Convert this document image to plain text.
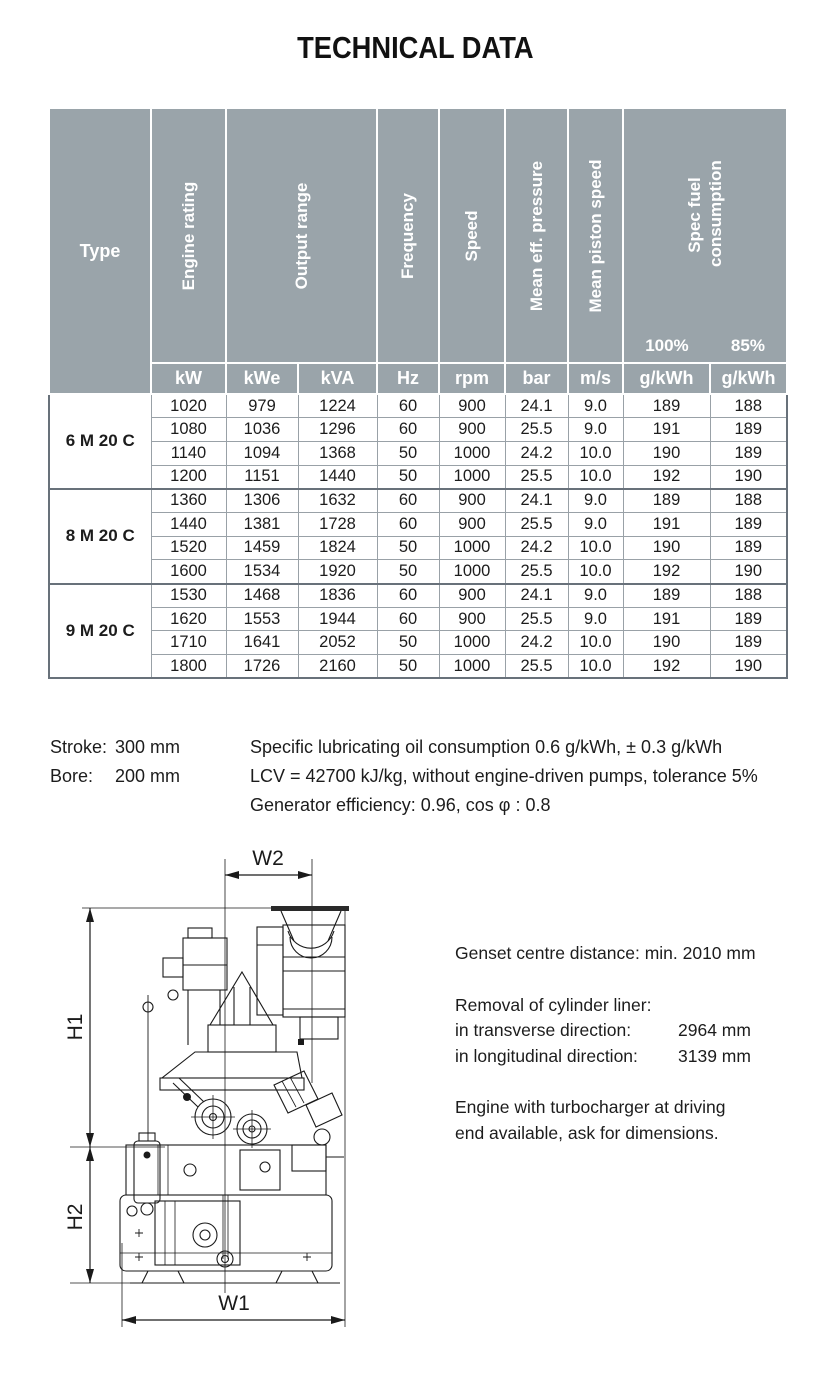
TECHNICAL DATA
Type	Engine rating	Output range		Frequency	Speed	Mean eff. pressure	Mean piston speed	Spec fuel consumption
100% 85%	

	kW	kWe	kVA	Hz	rpm	bar	m/s	g/kWh	g/kWh
6 M 20 C	1020	979	1224	60	900	24.1	9.0	189	188
	1080	1036	1296	60	900	25.5	9.0	191	189
	1140	1094	1368	50	1000	24.2	10.0	190	189
	1200	1151	1440	50	1000	25.5	10.0	192	190
8 M 20 C	1360	1306	1632	60	900	24.1	9.0	189	188
	1440	1381	1728	60	900	25.5	9.0	191	189
	1520	1459	1824	50	1000	24.2	10.0	190	189
	1600	1534	1920	50	1000	25.5	10.0	192	190
9 M 20 C	1530	1468	1836	60	900	24.1	9.0	189	188
	1620	1553	1944	60	900	25.5	9.0	191	189
	1710	1641	2052	50	1000	24.2	10.0	190	189
	1800	1726	2160	50	1000	25.5	10.0	192	190
Stroke: 300 mm
Bore:	200 mm
Specific lubricating oil consumption 0.6 g/kWh, ± 0.3 g/kWh
LCV = 42700 kJ/kg, without engine-driven pumps, tolerance 5%
Generator efficiency: 0.96, cos φ : 0.8
W2
H1
H2
W1

Genset centre distance: min. 2010 mm

Removal of cylinder liner:
in transverse direction:	2964 mm
in longitudinal direction:	3139 mm

Engine with turbocharger at driving
end available, ask for dimensions.
